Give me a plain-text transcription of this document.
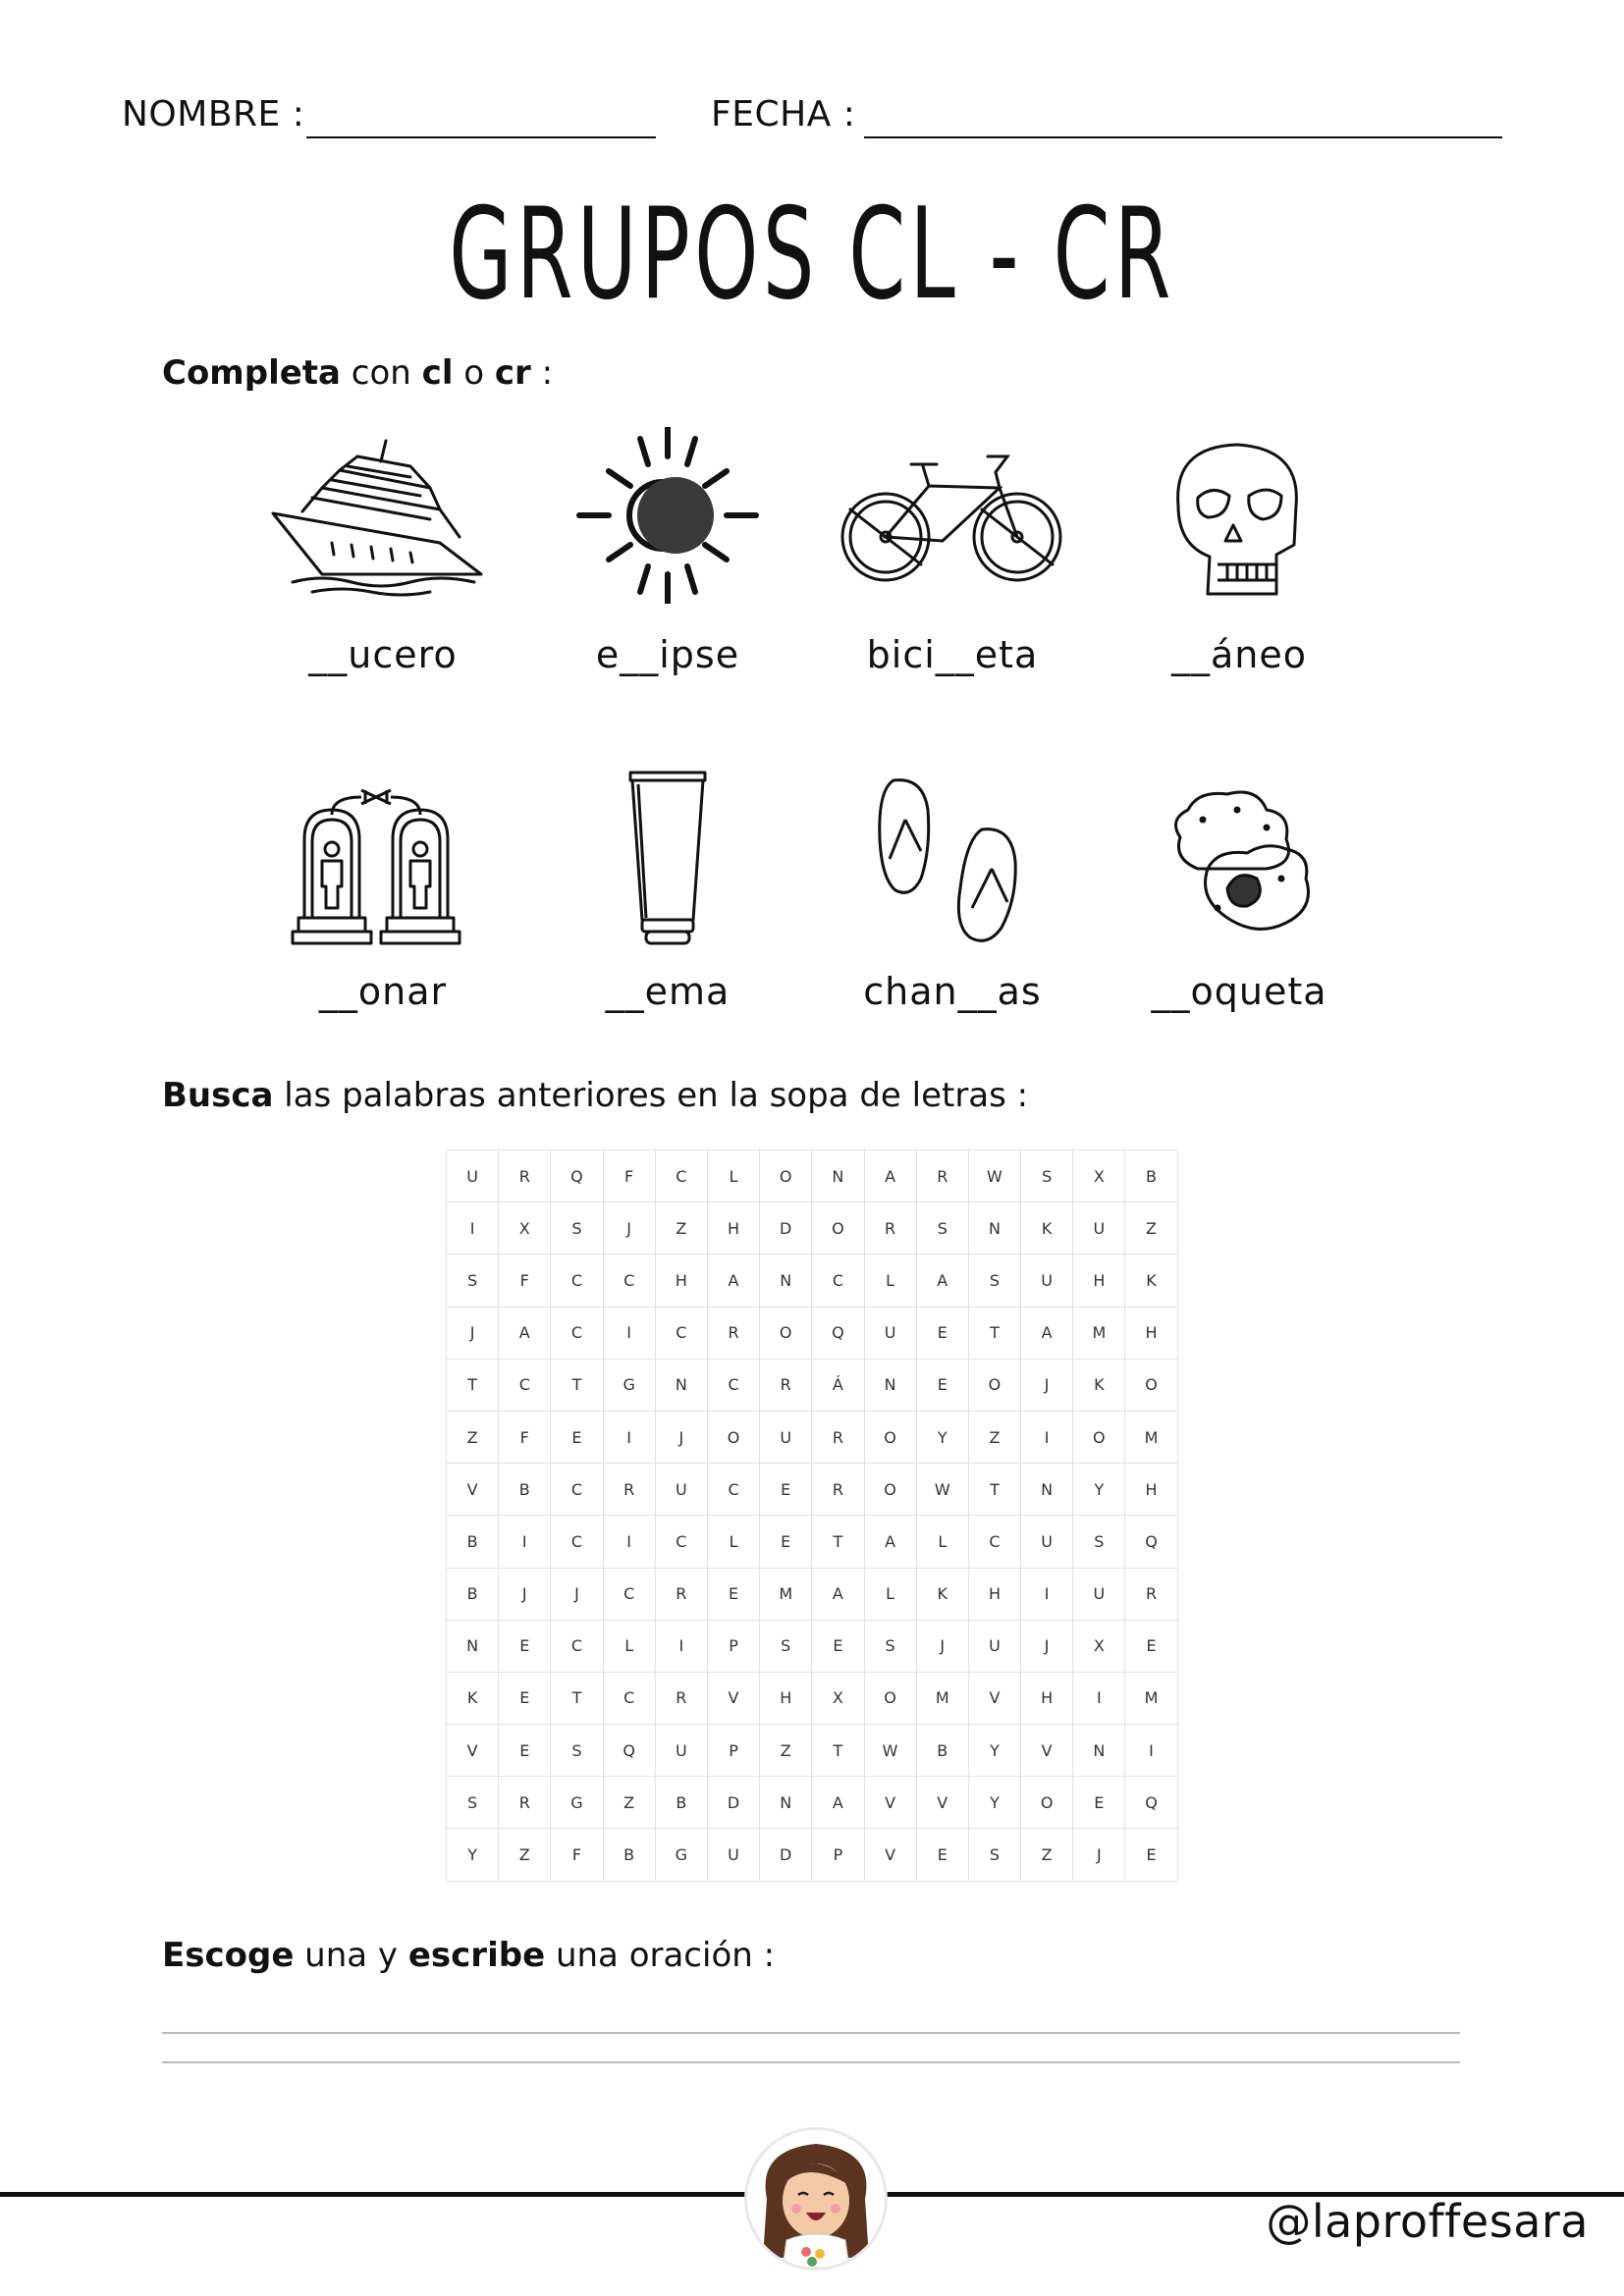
NOMBRE :	FECHA :
GRUPOS CL - CR
Completa con cl o cr :
__ucero	e__ipse	bici__eta	__áneo
__onar	__ema	chan__as	__oqueta
Busca las palabras anteriores en la sopa de letras :
U	R	Q	F	C	L	O	N	A	R	W	S	X	B
I	X	S	J	Z	H	D	O	R	S	N	K	U	Z
S	F	C	C	H	A	N	C	L	A	S	U	H	K
J	A	C	I	C	R	O	Q	U	E	T	A	M	H
T	C	T	G	N	C	R	Á	N	E	O	J	K	O
Z	F	E	I	J	O	U	R	O	Y	Z	I	O	M
V	B	C	R	U	C	E	R	O	W	T	N	Y	H
B	I	C	I	C	L	E	T	A	L	C	U	S	Q
B	J	J	C	R	E	M	A	L	K	H	I	U	R
N	E	C	L	I	P	S	E	S	J	U	J	X	E
K	E	T	C	R	V	H	X	O	M	V	H	I	M
V	E	S	Q	U	P	Z	T	W	B	Y	V	N	I
S	R	G	Z	B	D	N	A	V	V	Y	O	E	Q
Y	Z	F	B	G	U	D	P	V	E	S	Z	J	E
Escoge una y escribe una oración :
@laproffesara
